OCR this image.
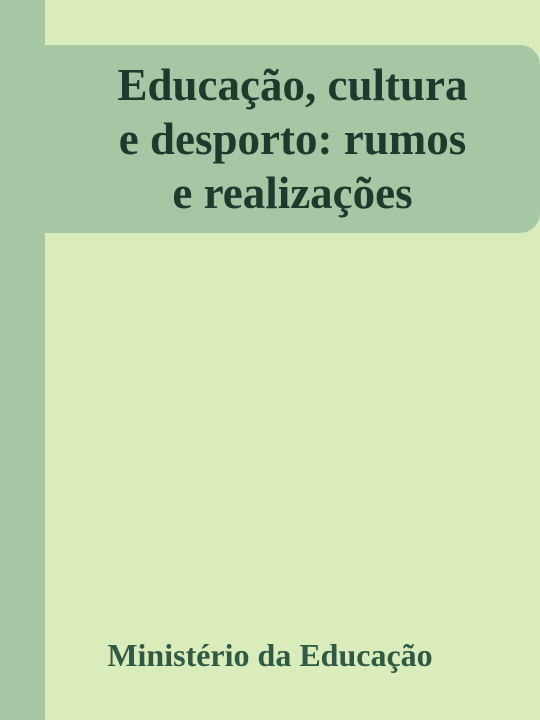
Educação, cultura
e desporto: rumos
e realizações
Ministério da Educação
